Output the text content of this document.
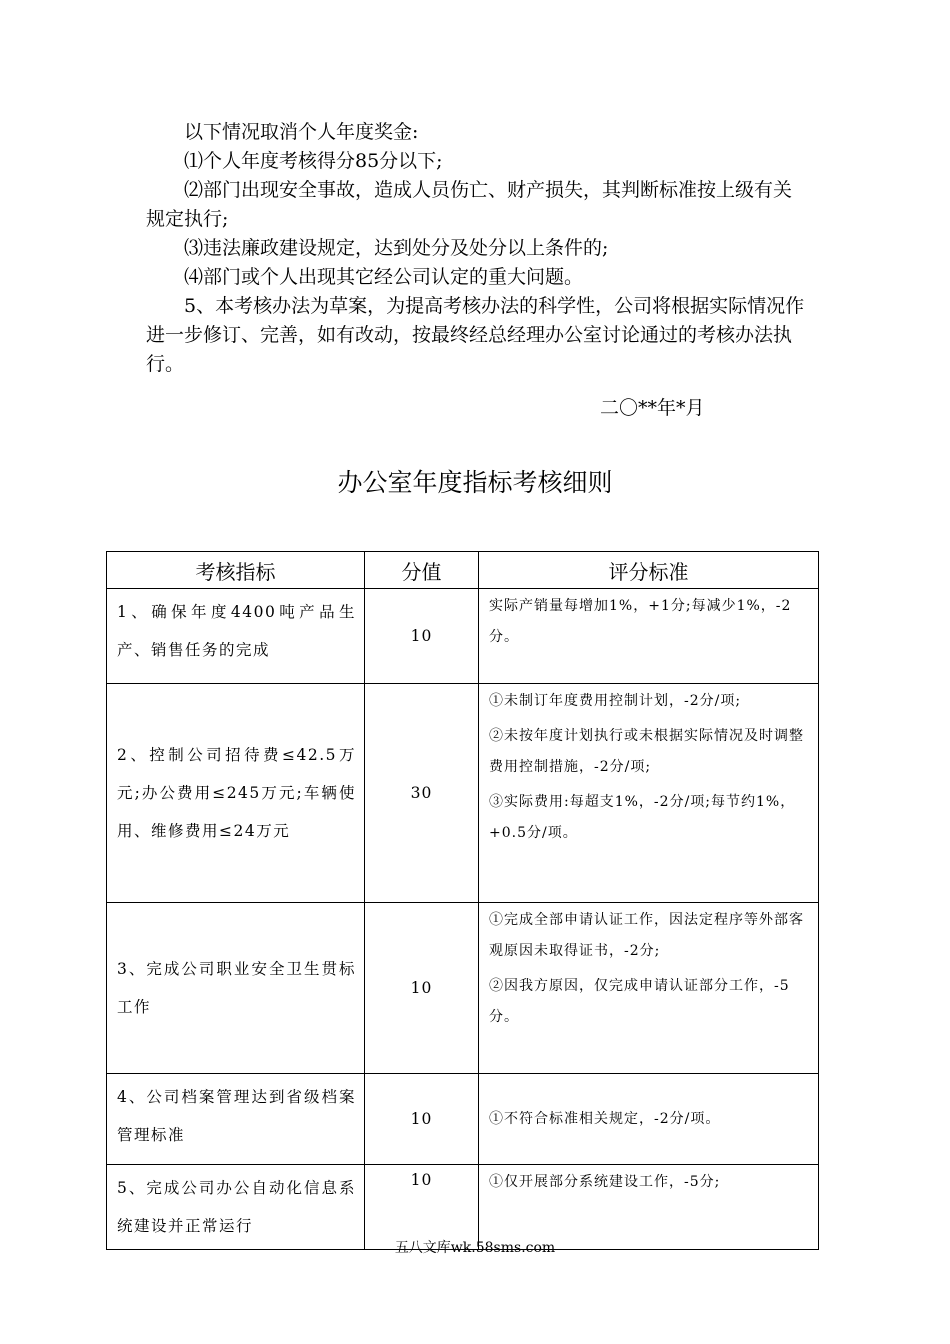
以下情况取消个人年度奖金:

⑴个人年度考核得分85分以下;

⑵部门出现安全事故，造成人员伤亡、财产损失，其判断标准按上级有关规定执行;

⑶违法廉政建设规定，达到处分及处分以上条件的;

⑷部门或个人出现其它经公司认定的重大问题。

5、本考核办法为草案，为提高考核办法的科学性，公司将根据实际情况作进一步修订、完善，如有改动，按最终经总经理办公室讨论通过的考核办法执行。

二〇**年*月
办公室年度指标考核细则
考核指标	分值	评分标准
1、确保年度4400吨产品生产、销售任务的完成	10	实际产销量每增加1%，+1分;每减少1%，-2分。

2、控制公司招待费≤42.5万元;办公费用≤245万元;车辆使用、维修费用≤24万元	30	①未制订年度费用控制计划，-2分/项;

②未按年度计划执行或未根据实际情况及时调整费用控制措施，-2分/项;

③实际费用:每超支1%，-2分/项;每节约1%，+0.5分/项。

3、完成公司职业安全卫生贯标工作	10	①完成全部申请认证工作，因法定程序等外部客观原因未取得证书，-2分;

②因我方原因，仅完成申请认证部分工作，-5分。

4、公司档案管理达到省级档案管理标准	10	①不符合标准相关规定，-2分/项。

5、完成公司办公自动化信息系统建设并正常运行	10	①仅开展部分系统建设工作，-5分;

五八文库wk.58sms.com
